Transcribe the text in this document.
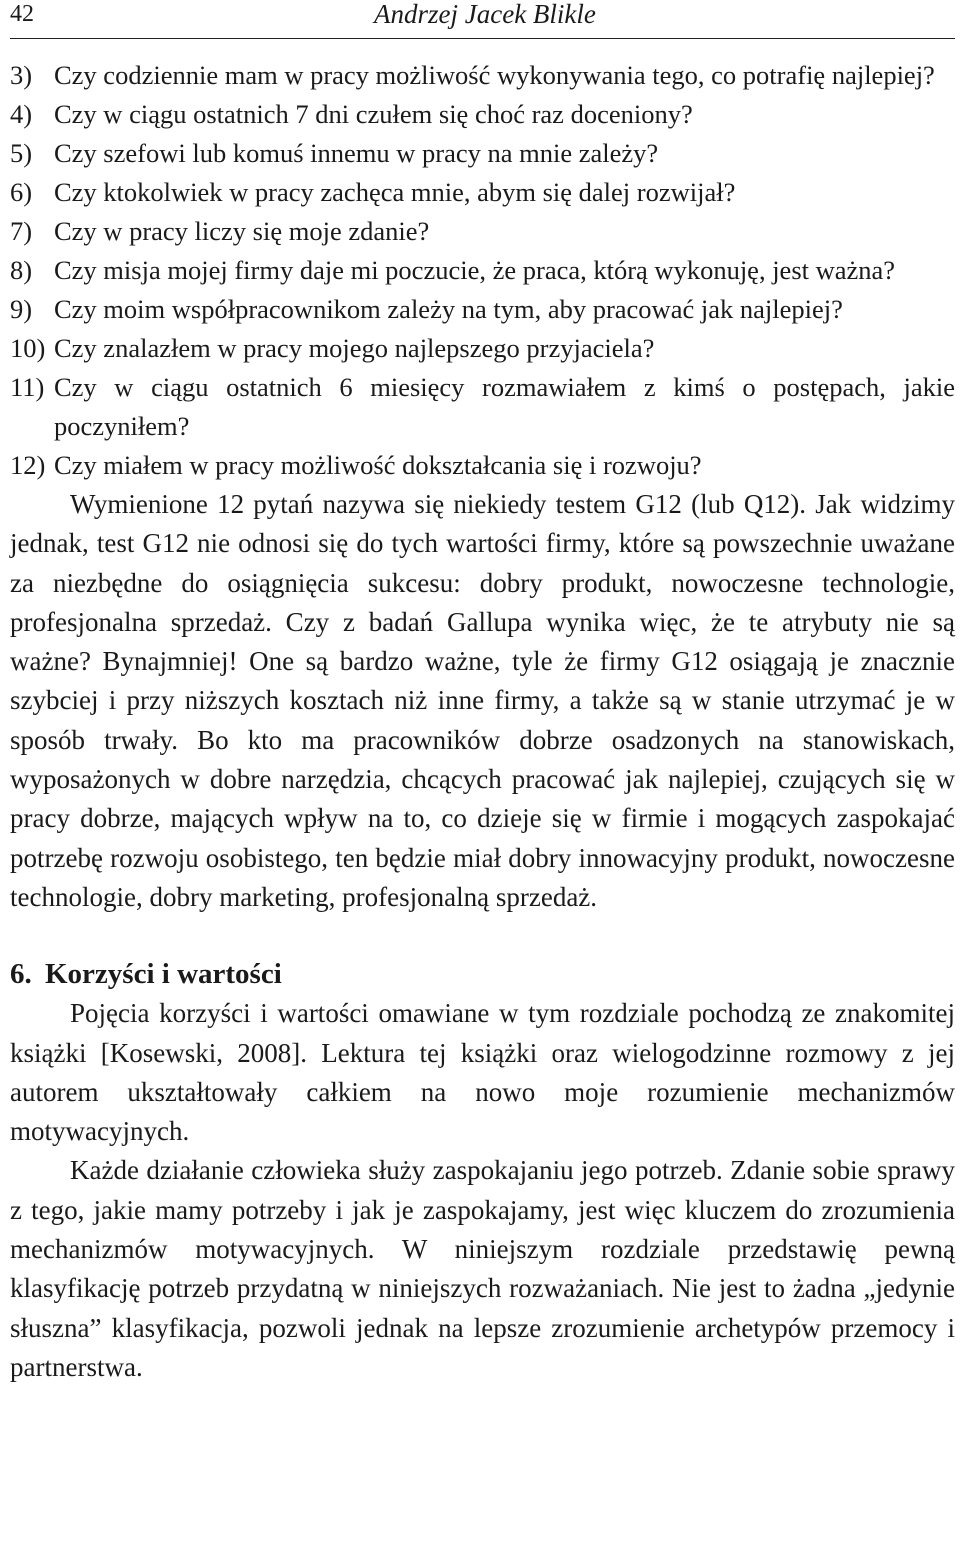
42	Andrzej Jacek Blikle
3) Czy codziennie mam w pracy możliwość wykonywania tego, co potrafię najlepiej?
4) Czy w ciągu ostatnich 7 dni czułem się choć raz doceniony?
5) Czy szefowi lub komuś innemu w pracy na mnie zależy?
6) Czy ktokolwiek w pracy zachęca mnie, abym się dalej rozwijał?
7) Czy w pracy liczy się moje zdanie?
8) Czy misja mojej firmy daje mi poczucie, że praca, którą wykonuję, jest ważna?
9) Czy moim współpracownikom zależy na tym, aby pracować jak najlepiej?
10) Czy znalazłem w pracy mojego najlepszego przyjaciela?
11) Czy w ciągu ostatnich 6 miesięcy rozmawiałem z kimś o postępach, jakie poczyniłem?
12) Czy miałem w pracy możliwość dokształcania się i rozwoju?

Wymienione 12 pytań nazywa się niekiedy testem G12 (lub Q12). Jak widzimy jednak, test G12 nie odnosi się do tych wartości firmy, które są powszechnie uważane za niezbędne do osiągnięcia sukcesu: dobry produkt, nowoczesne technologie, profesjonalna sprzedaż. Czy z badań Gallupa wynika więc, że te atrybuty nie są ważne? Bynajmniej! One są bardzo ważne, tyle że firmy G12 osiągają je znacznie szybciej i przy niższych kosztach niż inne firmy, a także są w stanie utrzymać je w sposób trwały. Bo kto ma pracowników dobrze osadzonych na stanowiskach, wyposażonych w dobre narzędzia, chcących pracować jak najlepiej, czujących się w pracy dobrze, mających wpływ na to, co dzieje się w firmie i mogących zaspokajać potrzebę rozwoju osobistego, ten będzie miał dobry innowacyjny produkt, nowoczesne technologie, dobry marketing, profesjonalną sprzedaż.

6. Korzyści i wartości

Pojęcia korzyści i wartości omawiane w tym rozdziale pochodzą ze znakomitej książki [Kosewski, 2008]. Lektura tej książki oraz wielogodzinne rozmowy z jej autorem ukształtowały całkiem na nowo moje rozumienie mechanizmów motywacyjnych.

Każde działanie człowieka służy zaspokajaniu jego potrzeb. Zdanie sobie sprawy z tego, jakie mamy potrzeby i jak je zaspokajamy, jest więc kluczem do zrozumienia mechanizmów motywacyjnych. W niniejszym rozdziale przedstawię pewną klasyfikację potrzeb przydatną w niniejszych rozważaniach. Nie jest to żadna „jedynie słuszna” klasyfikacja, pozwoli jednak na lepsze zrozumienie archetypów przemocy i partnerstwa.
